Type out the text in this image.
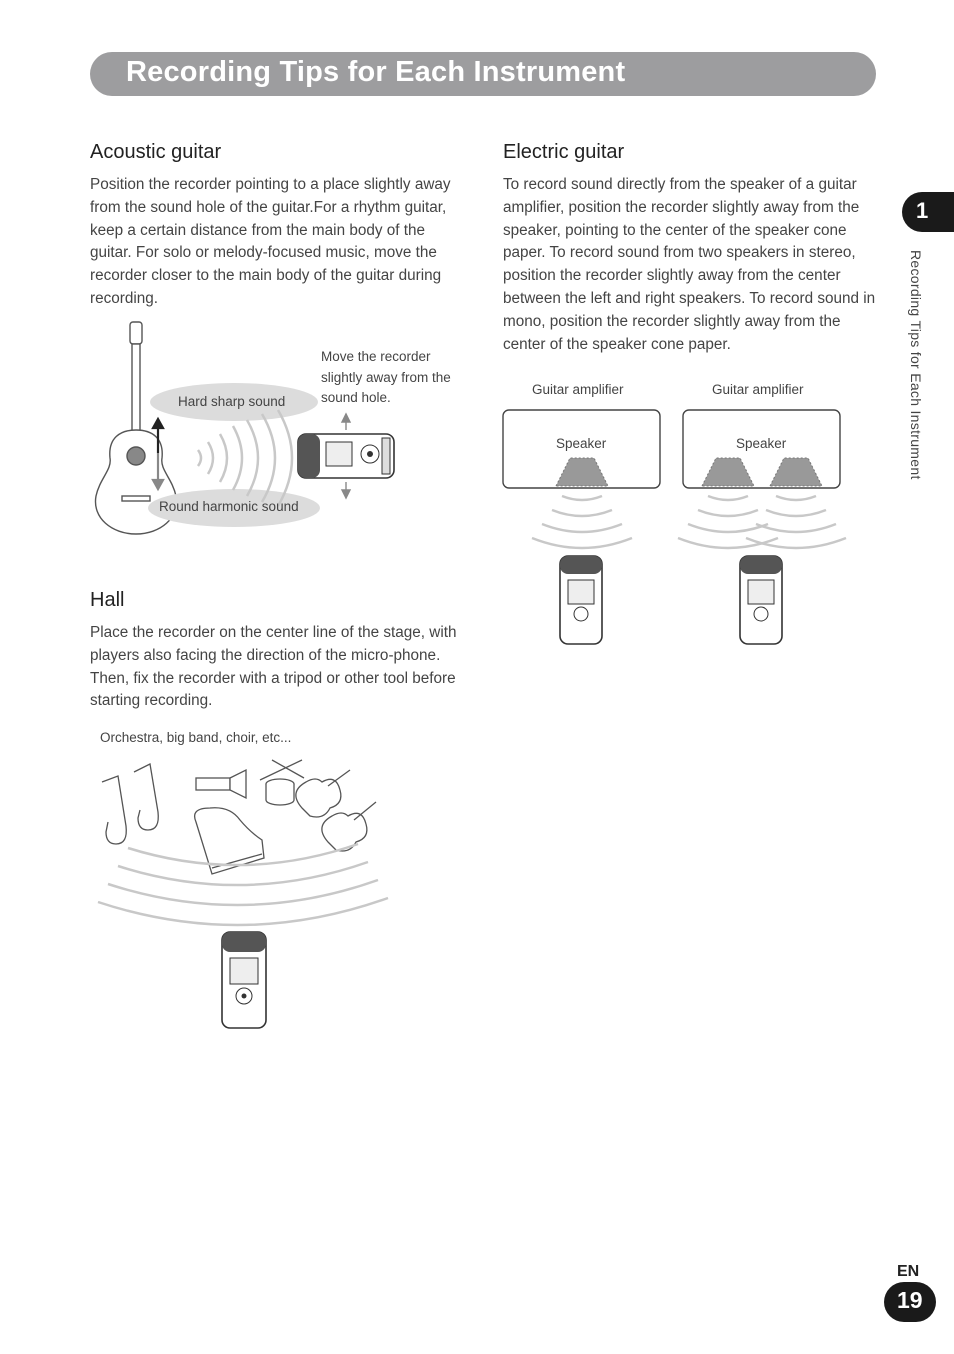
Recording Tips for Each Instrument
Acoustic guitar

Position the recorder pointing to a place slightly away from the sound hole of the guitar.For a rhythm guitar, keep a certain distance from the main body of the guitar. For solo or melody-focused music, move the recorder closer to the main body of the guitar during recording.

Hard sharp sound
Round harmonic sound
Move the recorder slightly away from the sound hole.
Hall

Place the recorder on the center line of the stage, with players also facing the direction of the micro-phone. Then, fix the recorder with a tripod or other tool before starting recording.

Orchestra, big band, choir, etc...
Electric guitar

To record sound directly from the speaker of a guitar amplifier, position the recorder slightly away from the speaker, pointing to the center of the speaker cone paper. To record sound from two speakers in stereo, position the recorder slightly away from the center between the left and right speakers. To record sound in mono, position the recorder slightly away from the center of the speaker cone paper.

Guitar amplifier	Guitar amplifier
Speaker	Speaker
1
Recording Tips for Each Instrument
EN
19
